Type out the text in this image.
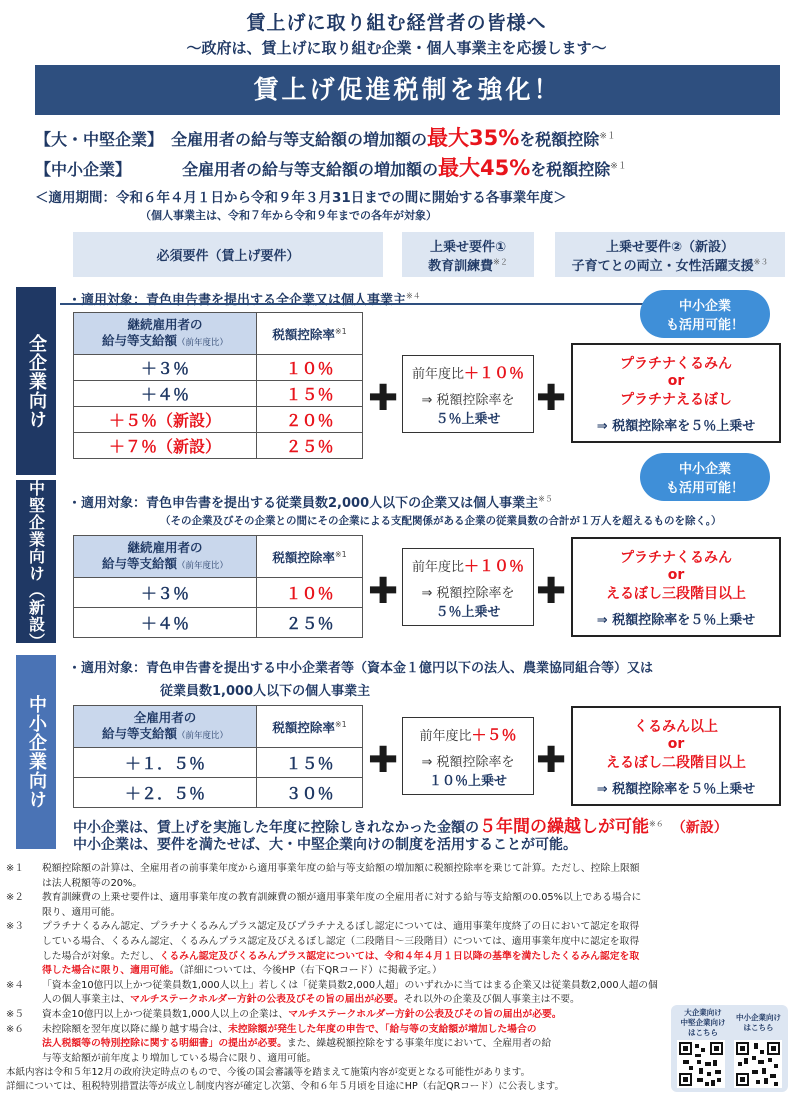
賃上げに取り組む経営者の皆様へ
〜政府は、賃上げに取り組む企業・個人事業主を応援します〜
賃上げ促進税制を強化！
【大・中堅企業】 全雇用者の給与等支給額の増加額の最大35%を税額控除$^{※1}$
【中小企業】	全雇用者の給与等支給額の増加額の最大45%を税額控除$^{※1}$
＜適用期間：令和６年４月１日から令和９年３月31日までの間に開始する各事業年度＞
（個人事業主は、令和７年から令和９年までの各年が対象）
必須要件（賃上げ要件）
上乗せ要件①
教育訓練費$^{※2}$
上乗せ要件②（新設）
子育てとの両立・女性活躍支援$^{※3}$
全企業向け
・適用対象：青色申告書を提出する全企業又は個人事業主$^{※4}$
中小企業
も活用可能！
継続雇用者の
給与等支給額（前年度比）	税額控除率$^{※1}$
＋３％	１０％
＋４％	１５％
＋５％（新設）	２０％
＋７％（新設）	２５％
✚
前年度比＋１０％
⇒ 税額控除率を
５％上乗せ ✚
プラチナくるみん
or
プラチナえるぼし
⇒ 税額控除率を５％上乗せ
中堅企業向け（新設）
中小企業
も活用可能！
・適用対象：青色申告書を提出する従業員数2,000人以下の企業又は個人事業主$^{※5}$
（その企業及びその企業との間にその企業による支配関係がある企業の従業員数の合計が１万人を超えるものを除く。）
継続雇用者の
給与等支給額（前年度比）	税額控除率$^{※1}$
＋３％	１０％
＋４％	２５％
✚
前年度比＋１０％
⇒ 税額控除率を
５％上乗せ ✚
プラチナくるみん
or
えるぼし三段階目以上
⇒ 税額控除率を５％上乗せ
中小企業向け
・適用対象：青色申告書を提出する中小企業者等（資本金１億円以下の法人、農業協同組合等）又は
従業員数1,000人以下の個人事業主
全雇用者の
給与等支給額（前年度比）	税額控除率$^{※1}$
＋１．５％	１５％
＋２．５％	３０％
✚
前年度比＋５％
⇒ 税額控除率を
１０％上乗せ ✚
くるみん以上
or
えるぼし二段階目以上
⇒ 税額控除率を５％上乗せ
中小企業は、賃上げを実施した年度に控除しきれなかった金額の５年間の繰越しが可能$^{※6}$ （新設）
中小企業は、要件を満たせば、大・中堅企業向けの制度を活用することが可能。
※１	税額控除額の計算は、全雇用者の前事業年度から適用事業年度の給与等支給額の増加額に税額控除率を乗じて計算。ただし、控除上限額
は法人税額等の20%。
※２	教育訓練費の上乗せ要件は、適用事業年度の教育訓練費の額が適用事業年度の全雇用者に対する給与等支給額の0.05%以上である場合に
限り、適用可能。
※３	プラチナくるみん認定、プラチナくるみんプラス認定及びプラチナえるぼし認定については、適用事業年度終了の日において認定を取得
している場合、くるみん認定、くるみんプラス認定及びえるぼし認定（二段階目〜三段階目）については、適用事業年度中に認定を取得
した場合が対象。ただし、くるみん認定及びくるみんプラス認定については、令和４年４月１日以降の基準を満たしたくるみん認定を取
得した場合に限り、適用可能。（詳細については、今後HP（右下QRコード）に掲載予定。）
※４	「資本金10億円以上かつ従業員数1,000人以上」若しくは「従業員数2,000人超」のいずれかに当てはまる企業又は従業員数2,000人超の個
人の個人事業主は、マルチステークホルダー方針の公表及びその旨の届出が必要。それ以外の企業及び個人事業主は不要。
※５	資本金10億円以上かつ従業員数1,000人以上の企業は、マルチステークホルダー方針の公表及びその旨の届出が必要。
※６	未控除額を翌年度以降に繰り越す場合は、未控除額が発生した年度の申告で、「給与等の支給額が増加した場合の
法人税額等の特別控除に関する明細書」の提出が必要。また、繰越税額控除をする事業年度において、全雇用者の給
与等支給額が前年度より増加している場合に限り、適用可能。
本紙内容は令和５年12月の政府決定時点のもので、今後の国会審議等を踏まえて施策内容が変更となる可能性があります。
詳細については、租税特別措置法等が成立し制度内容が確定し次第、令和６年５月頃を目途にHP（右記QRコード）に公表します。
大企業向け
中堅企業向け
はこちら
中小企業向け
はこちら
